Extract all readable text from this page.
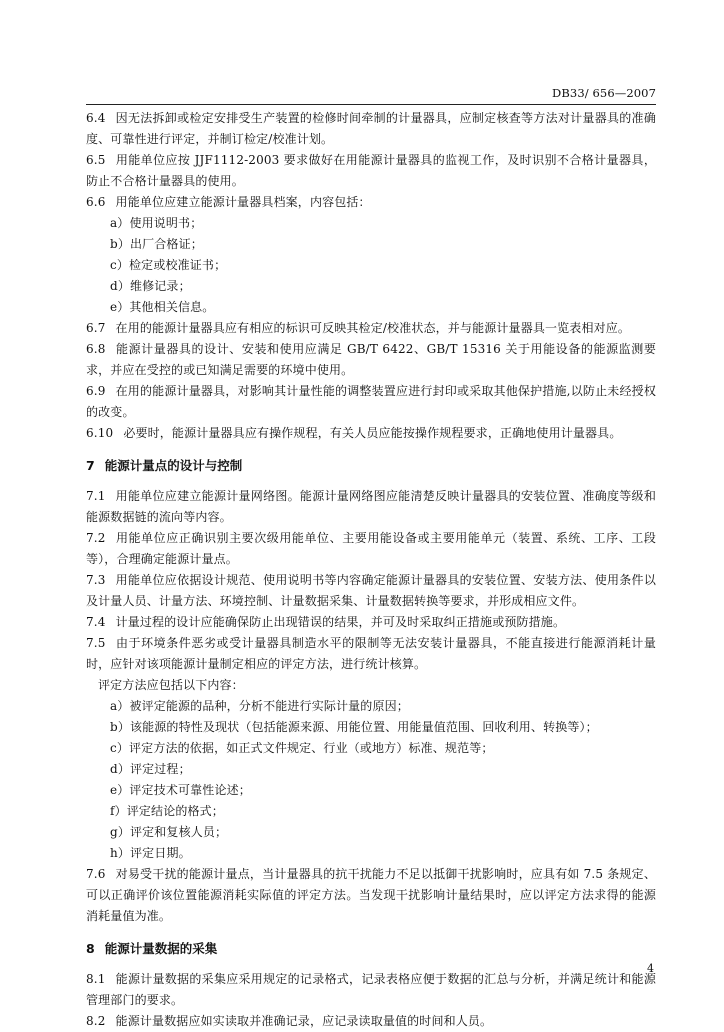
DB33/ 656—2007
6.4 因无法拆卸或检定安排受生产装置的检修时间牵制的计量器具，应制定核查等方法对计量器具的准确度、可靠性进行评定，并制订检定/校准计划。
6.5 用能单位应按 JJF1112-2003 要求做好在用能源计量器具的监视工作，及时识别不合格计量器具，防止不合格计量器具的使用。
6.6 用能单位应建立能源计量器具档案，内容包括：
a）使用说明书；
b）出厂合格证；
c）检定或校准证书；
d）维修记录；
e）其他相关信息。
6.7 在用的能源计量器具应有相应的标识可反映其检定/校准状态，并与能源计量器具一览表相对应。
6.8 能源计量器具的设计、安装和使用应满足 GB/T 6422、GB/T 15316 关于用能设备的能源监测要求，并应在受控的或已知满足需要的环境中使用。
6.9 在用的能源计量器具，对影响其计量性能的调整装置应进行封印或采取其他保护措施,以防止未经授权的改变。
6.10 必要时，能源计量器具应有操作规程，有关人员应能按操作规程要求，正确地使用计量器具。
7 能源计量点的设计与控制
7.1 用能单位应建立能源计量网络图。能源计量网络图应能清楚反映计量器具的安装位置、准确度等级和能源数据链的流向等内容。
7.2 用能单位应正确识别主要次级用能单位、主要用能设备或主要用能单元（装置、系统、工序、工段等），合理确定能源计量点。
7.3 用能单位应依据设计规范、使用说明书等内容确定能源计量器具的安装位置、安装方法、使用条件以及计量人员、计量方法、环境控制、计量数据采集、计量数据转换等要求，并形成相应文件。
7.4 计量过程的设计应能确保防止出现错误的结果，并可及时采取纠正措施或预防措施。
7.5 由于环境条件恶劣或受计量器具制造水平的限制等无法安装计量器具，不能直接进行能源消耗计量时，应针对该项能源计量制定相应的评定方法，进行统计核算。
评定方法应包括以下内容：
a）被评定能源的品种，分析不能进行实际计量的原因；
b）该能源的特性及现状（包括能源来源、用能位置、用能量值范围、回收利用、转换等）；
c）评定方法的依据，如正式文件规定、行业（或地方）标准、规范等；
d）评定过程；
e）评定技术可靠性论述；
f）评定结论的格式；
g）评定和复核人员；
h）评定日期。
7.6 对易受干扰的能源计量点，当计量器具的抗干扰能力不足以抵御干扰影响时，应具有如 7.5 条规定、可以正确评价该位置能源消耗实际值的评定方法。当发现干扰影响计量结果时，应以评定方法求得的能源消耗量值为准。
8 能源计量数据的采集
8.1 能源计量数据的采集应采用规定的记录格式，记录表格应便于数据的汇总与分析，并满足统计和能源管理部门的要求。
8.2 能源计量数据应如实读取并准确记录，应记录读取量值的时间和人员。
4
